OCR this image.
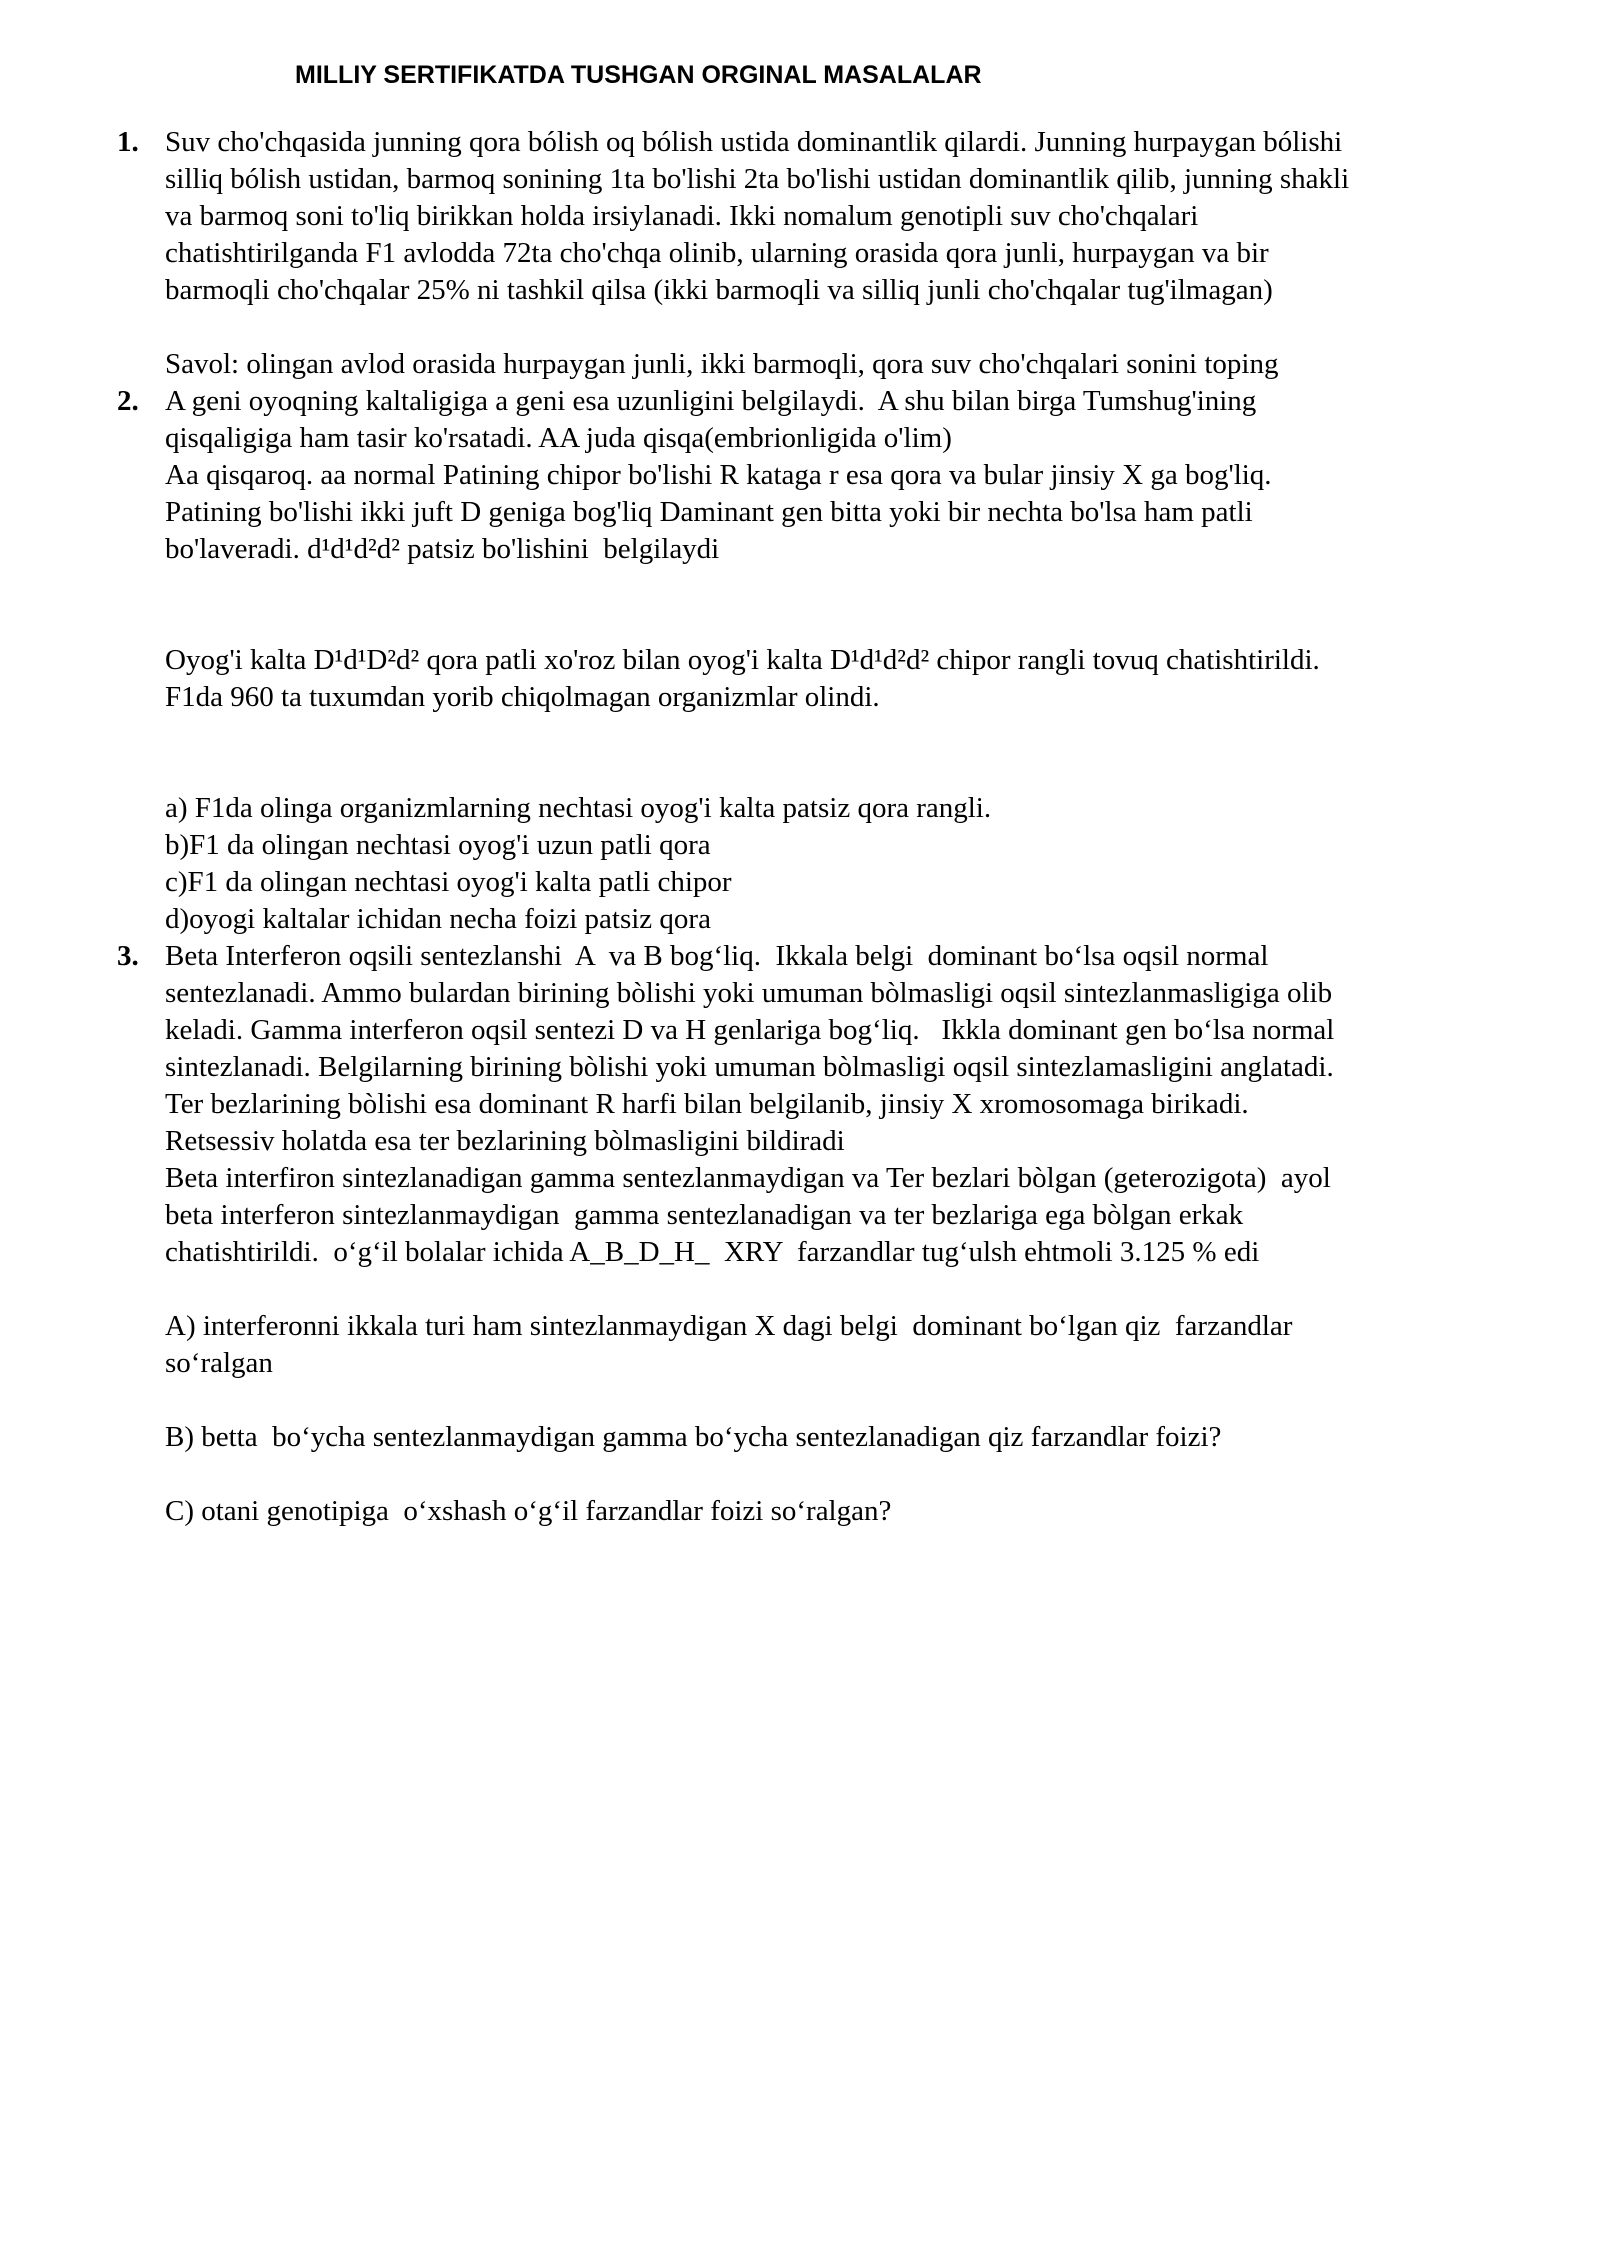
MILLIY SERTIFIKATDA TUSHGAN ORGINAL MASALALAR
1. Suv cho'chqasida junning qora bólish oq bólish ustida dominantlik qilardi. Junning hurpaygan bólishi
silliq bólish ustidan, barmoq sonining 1ta bo'lishi 2ta bo'lishi ustidan dominantlik qilib, junning shakli
va barmoq soni to'liq birikkan holda irsiylanadi. Ikki nomalum genotipli suv cho'chqalari
chatishtirilganda F1 avlodda 72ta cho'chqa olinib, ularning orasida qora junli, hurpaygan va bir
barmoqli cho'chqalar 25% ni tashkil qilsa (ikki barmoqli va silliq junli cho'chqalar tug'ilmagan)
Savol: olingan avlod orasida hurpaygan junli, ikki barmoqli, qora suv cho'chqalari sonini toping
2. A geni oyoqning kaltaligiga a geni esa uzunligini belgilaydi.  A shu bilan birga Tumshug'ining
qisqaligiga ham tasir ko'rsatadi. AA juda qisqa(embrionligida o'lim)
Aa qisqaroq. aa normal Patining chipor bo'lishi R kataga r esa qora va bular jinsiy X ga bog'liq.
Patining bo'lishi ikki juft D geniga bog'liq Daminant gen bitta yoki bir nechta bo'lsa ham patli
bo'laveradi. d¹d¹d²d² patsiz bo'lishini  belgilaydi
Oyog'i kalta D¹d¹D²d² qora patli xo'roz bilan oyog'i kalta D¹d¹d²d² chipor rangli tovuq chatishtirildi.
F1da 960 ta tuxumdan yorib chiqolmagan organizmlar olindi.
a) F1da olinga organizmlarning nechtasi oyog'i kalta patsiz qora rangli.
b)F1 da olingan nechtasi oyog'i uzun patli qora
c)F1 da olingan nechtasi oyog'i kalta patli chipor
d)oyogi kaltalar ichidan necha foizi patsiz qora
3. Beta Interferon oqsili sentezlanshi  A  va B bog‘liq.  Ikkala belgi  dominant bo‘lsa oqsil normal
sentezlanadi. Ammo bulardan birining bòlishi yoki umuman bòlmasligi oqsil sintezlanmasligiga olib
keladi. Gamma interferon oqsil sentezi D va H genlariga bog‘liq.   Ikkla dominant gen bo‘lsa normal
sintezlanadi. Belgilarning birining bòlishi yoki umuman bòlmasligi oqsil sintezlamasligini anglatadi.
Ter bezlarining bòlishi esa dominant R harfi bilan belgilanib, jinsiy X xromosomaga birikadi.
Retsessiv holatda esa ter bezlarining bòlmasligini bildiradi
Beta interfiron sintezlanadigan gamma sentezlanmaydigan va Ter bezlari bòlgan (geterozigota)  ayol
beta interferon sintezlanmaydigan  gamma sentezlanadigan va ter bezlariga ega bòlgan erkak
chatishtirildi.  o‘g‘il bolalar ichida A_B_D_H_  XRY  farzandlar tug‘ulsh ehtmoli 3.125 % edi
A) interferonni ikkala turi ham sintezlanmaydigan X dagi belgi  dominant bo‘lgan qiz  farzandlar
so‘ralgan
B) betta  bo‘ycha sentezlanmaydigan gamma bo‘ycha sentezlanadigan qiz farzandlar foizi?
C) otani genotipiga  o‘xshash o‘g‘il farzandlar foizi so‘ralgan?
